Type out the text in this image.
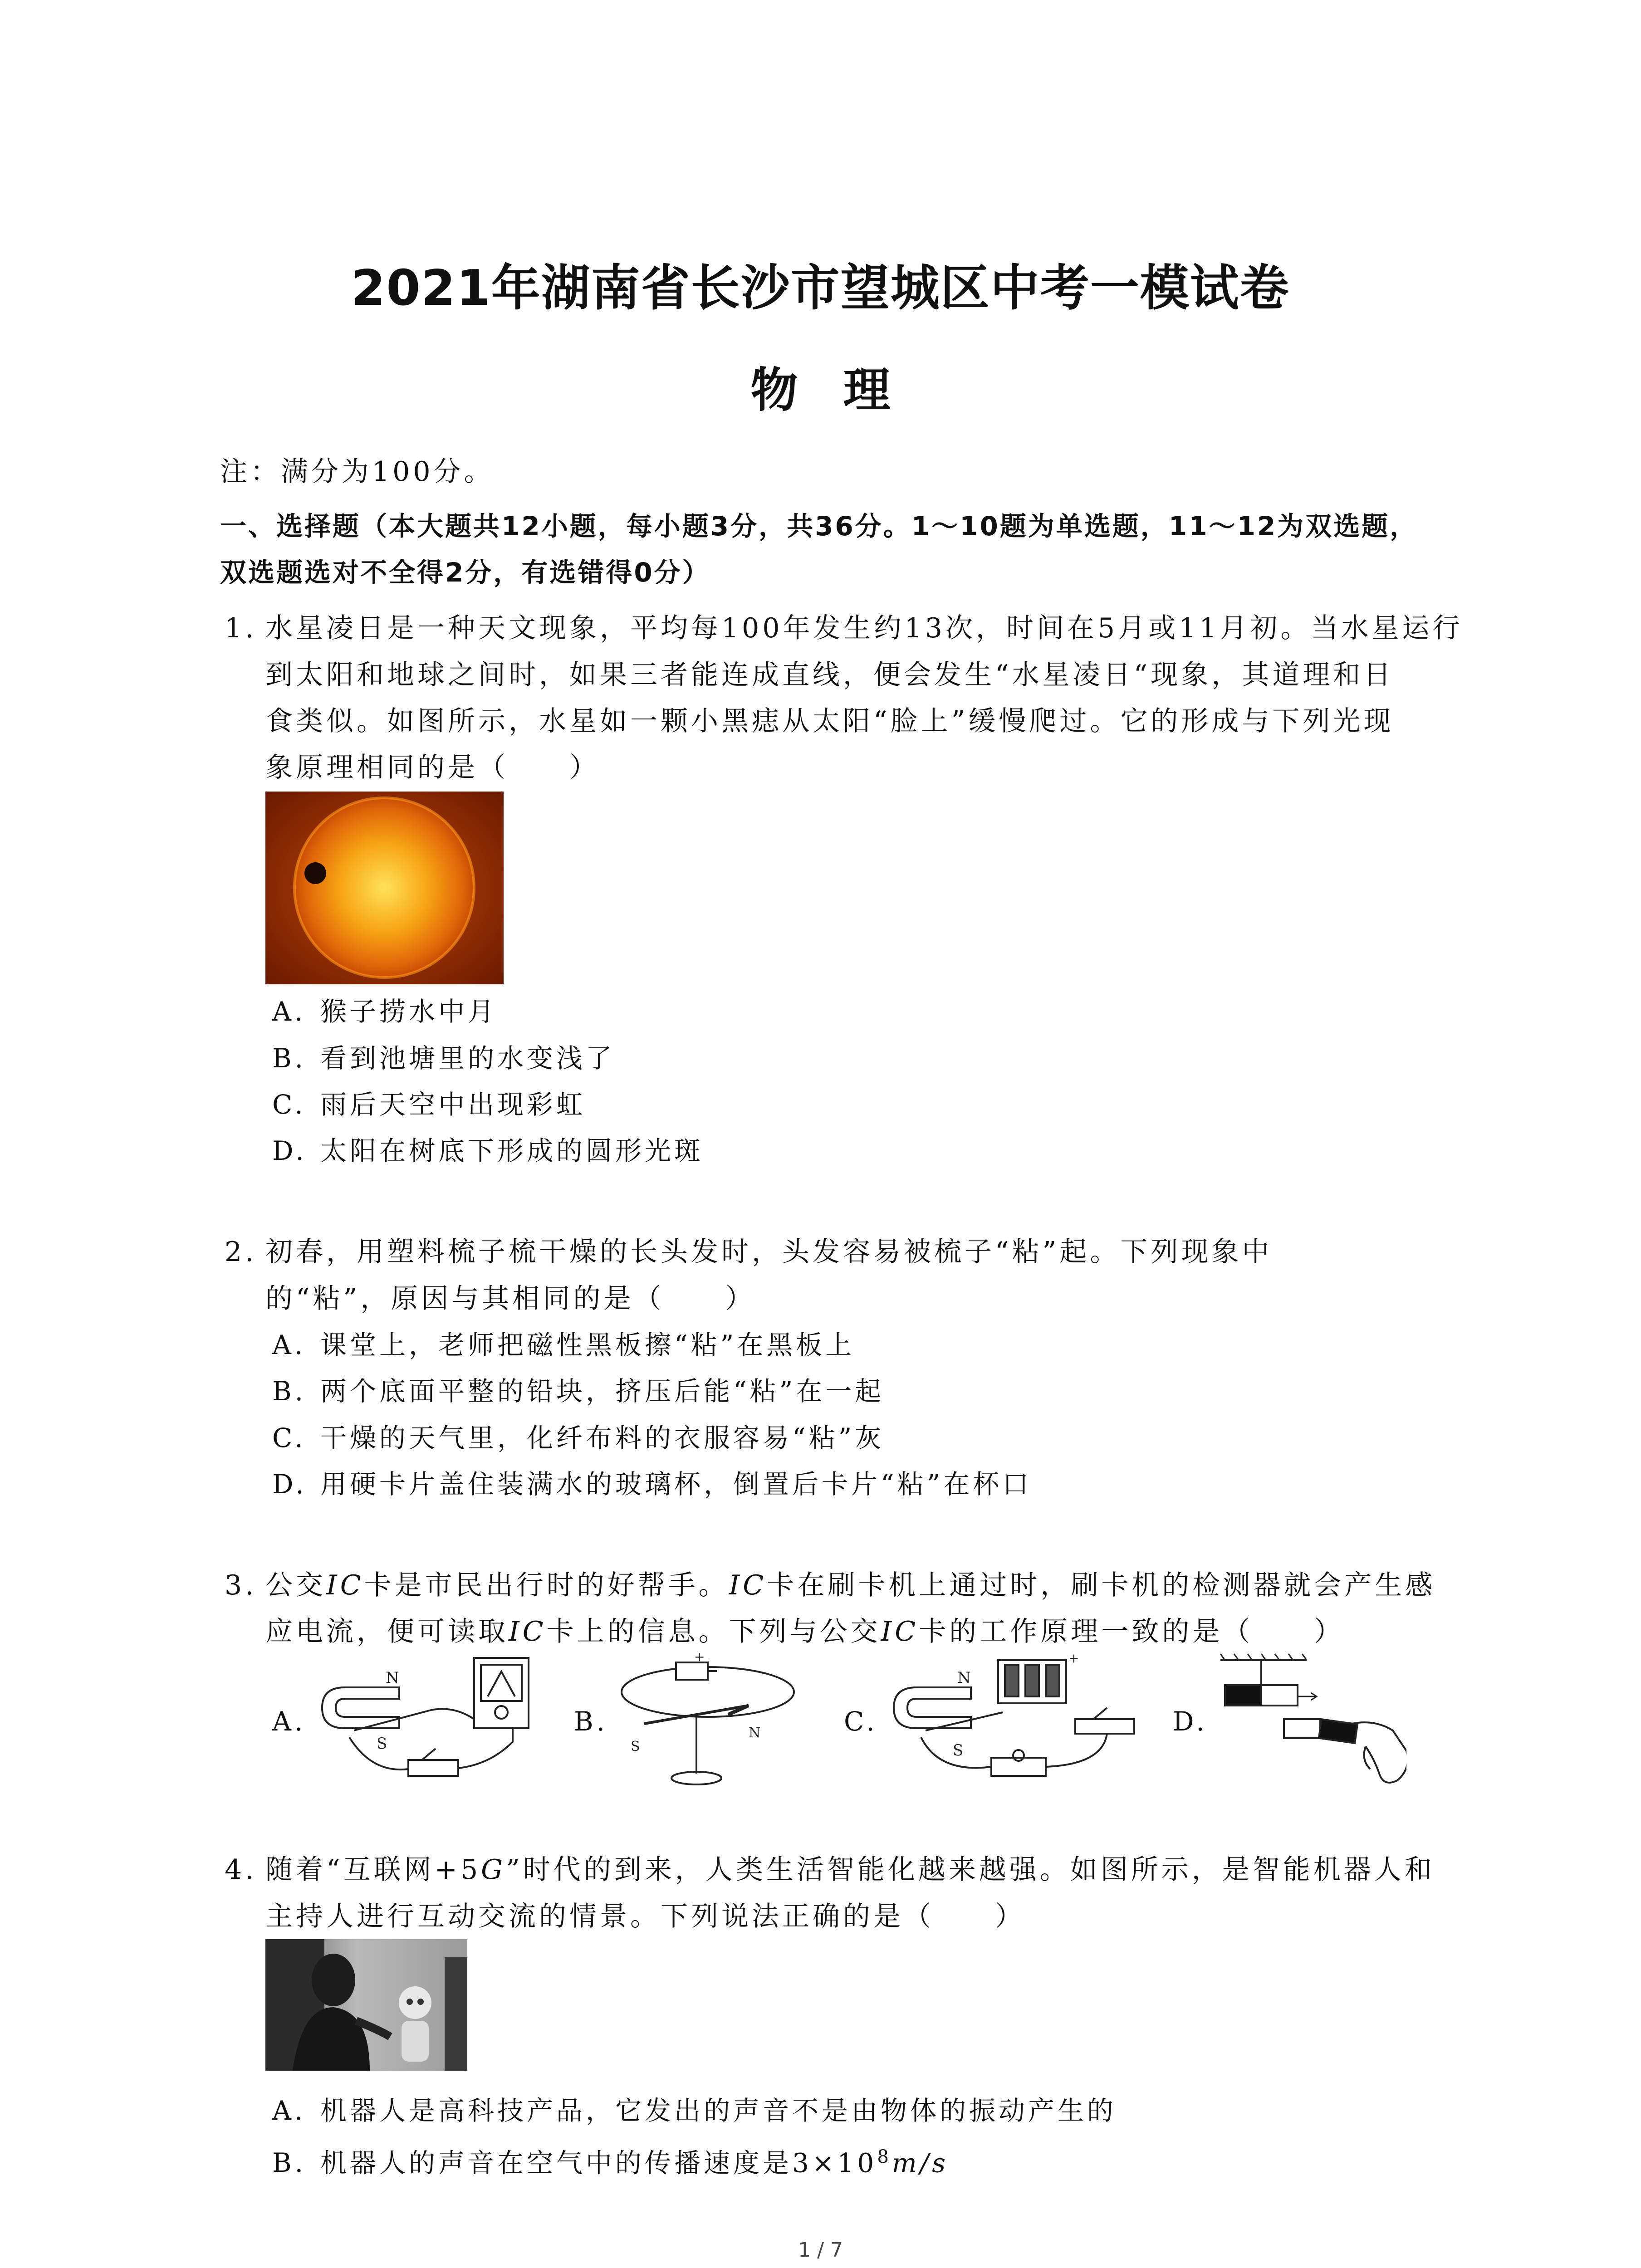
2021年湖南省长沙市望城区中考一模试卷
物理
注：满分为100分。
一、选择题（本大题共12小题，每小题3分，共36分。1～10题为单选题，11～12为双选题，
双选题选对不全得2分，有选错得0分）
1. 水星凌日是一种天文现象，平均每100年发生约13次，时间在5月或11月初。当水星运行
到太阳和地球之间时，如果三者能连成直线，便会发生“水星凌日“现象，其道理和日
食类似。如图所示，水星如一颗小黑痣从太阳“脸上”缓慢爬过。它的形成与下列光现
象原理相同的是（　　）
A. 猴子捞水中月
B. 看到池塘里的水变浅了
C. 雨后天空中出现彩虹
D. 太阳在树底下形成的圆形光斑
2. 初春，用塑料梳子梳干燥的长头发时，头发容易被梳子“粘”起。下列现象中
的“粘”，原因与其相同的是（　　）
A. 课堂上，老师把磁性黑板擦“粘”在黑板上
B. 两个底面平整的铅块，挤压后能“粘”在一起
C. 干燥的天气里，化纤布料的衣服容易“粘”灰
D. 用硬卡片盖住装满水的玻璃杯，倒置后卡片“粘”在杯口
3. 公交IC卡是市民出行时的好帮手。IC卡在刷卡机上通过时，刷卡机的检测器就会产生感
应电流，便可读取IC卡上的信息。下列与公交IC卡的工作原理一致的是（　　）
A.	B.	C.	D.
N
S
+
S
N
N
S
+
4. 随着“互联网+5G”时代的到来，人类生活智能化越来越强。如图所示，是智能机器人和
主持人进行互动交流的情景。下列说法正确的是（　　）
A. 机器人是高科技产品，它发出的声音不是由物体的振动产生的
B. 机器人的声音在空气中的传播速度是$3\times 10^8m/s$
1 / 7
